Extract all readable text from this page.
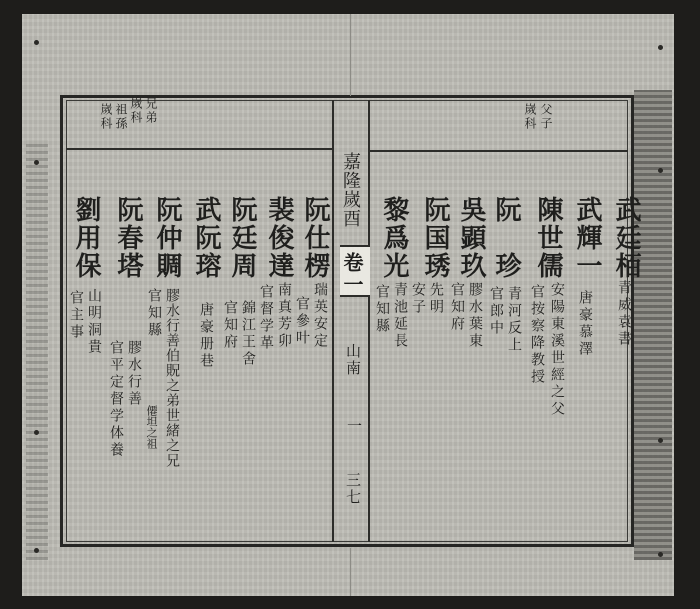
父子
嵗科
兄弟
嵗科
祖孫
嵗科
嘉隆嵗酉
卷一
山南
一
三七
武廷栢
青威袁書
武輝一
唐豪慕澤
陳世儒
安陽東溪世經之父
官按察降教授
阮　珍
青河反上
官郎中
吳顕玖
膠水葉東
官知府
阮国琇
先明
安子
黎爲光
青池延長
官知縣
阮仕楞
瑞英安定
官參叶
裴俊達
南真芳卯
官督学革
阮廷周
錦江王舍
官知府
武阮瑢
唐豪册巷
阮仲賙
膠水行善伯貺之弟世緒之兄
官知縣
阮春塔
膠水行善
官平定督学体養 僊坦之祖
劉用保
山明洞貴
官主事
